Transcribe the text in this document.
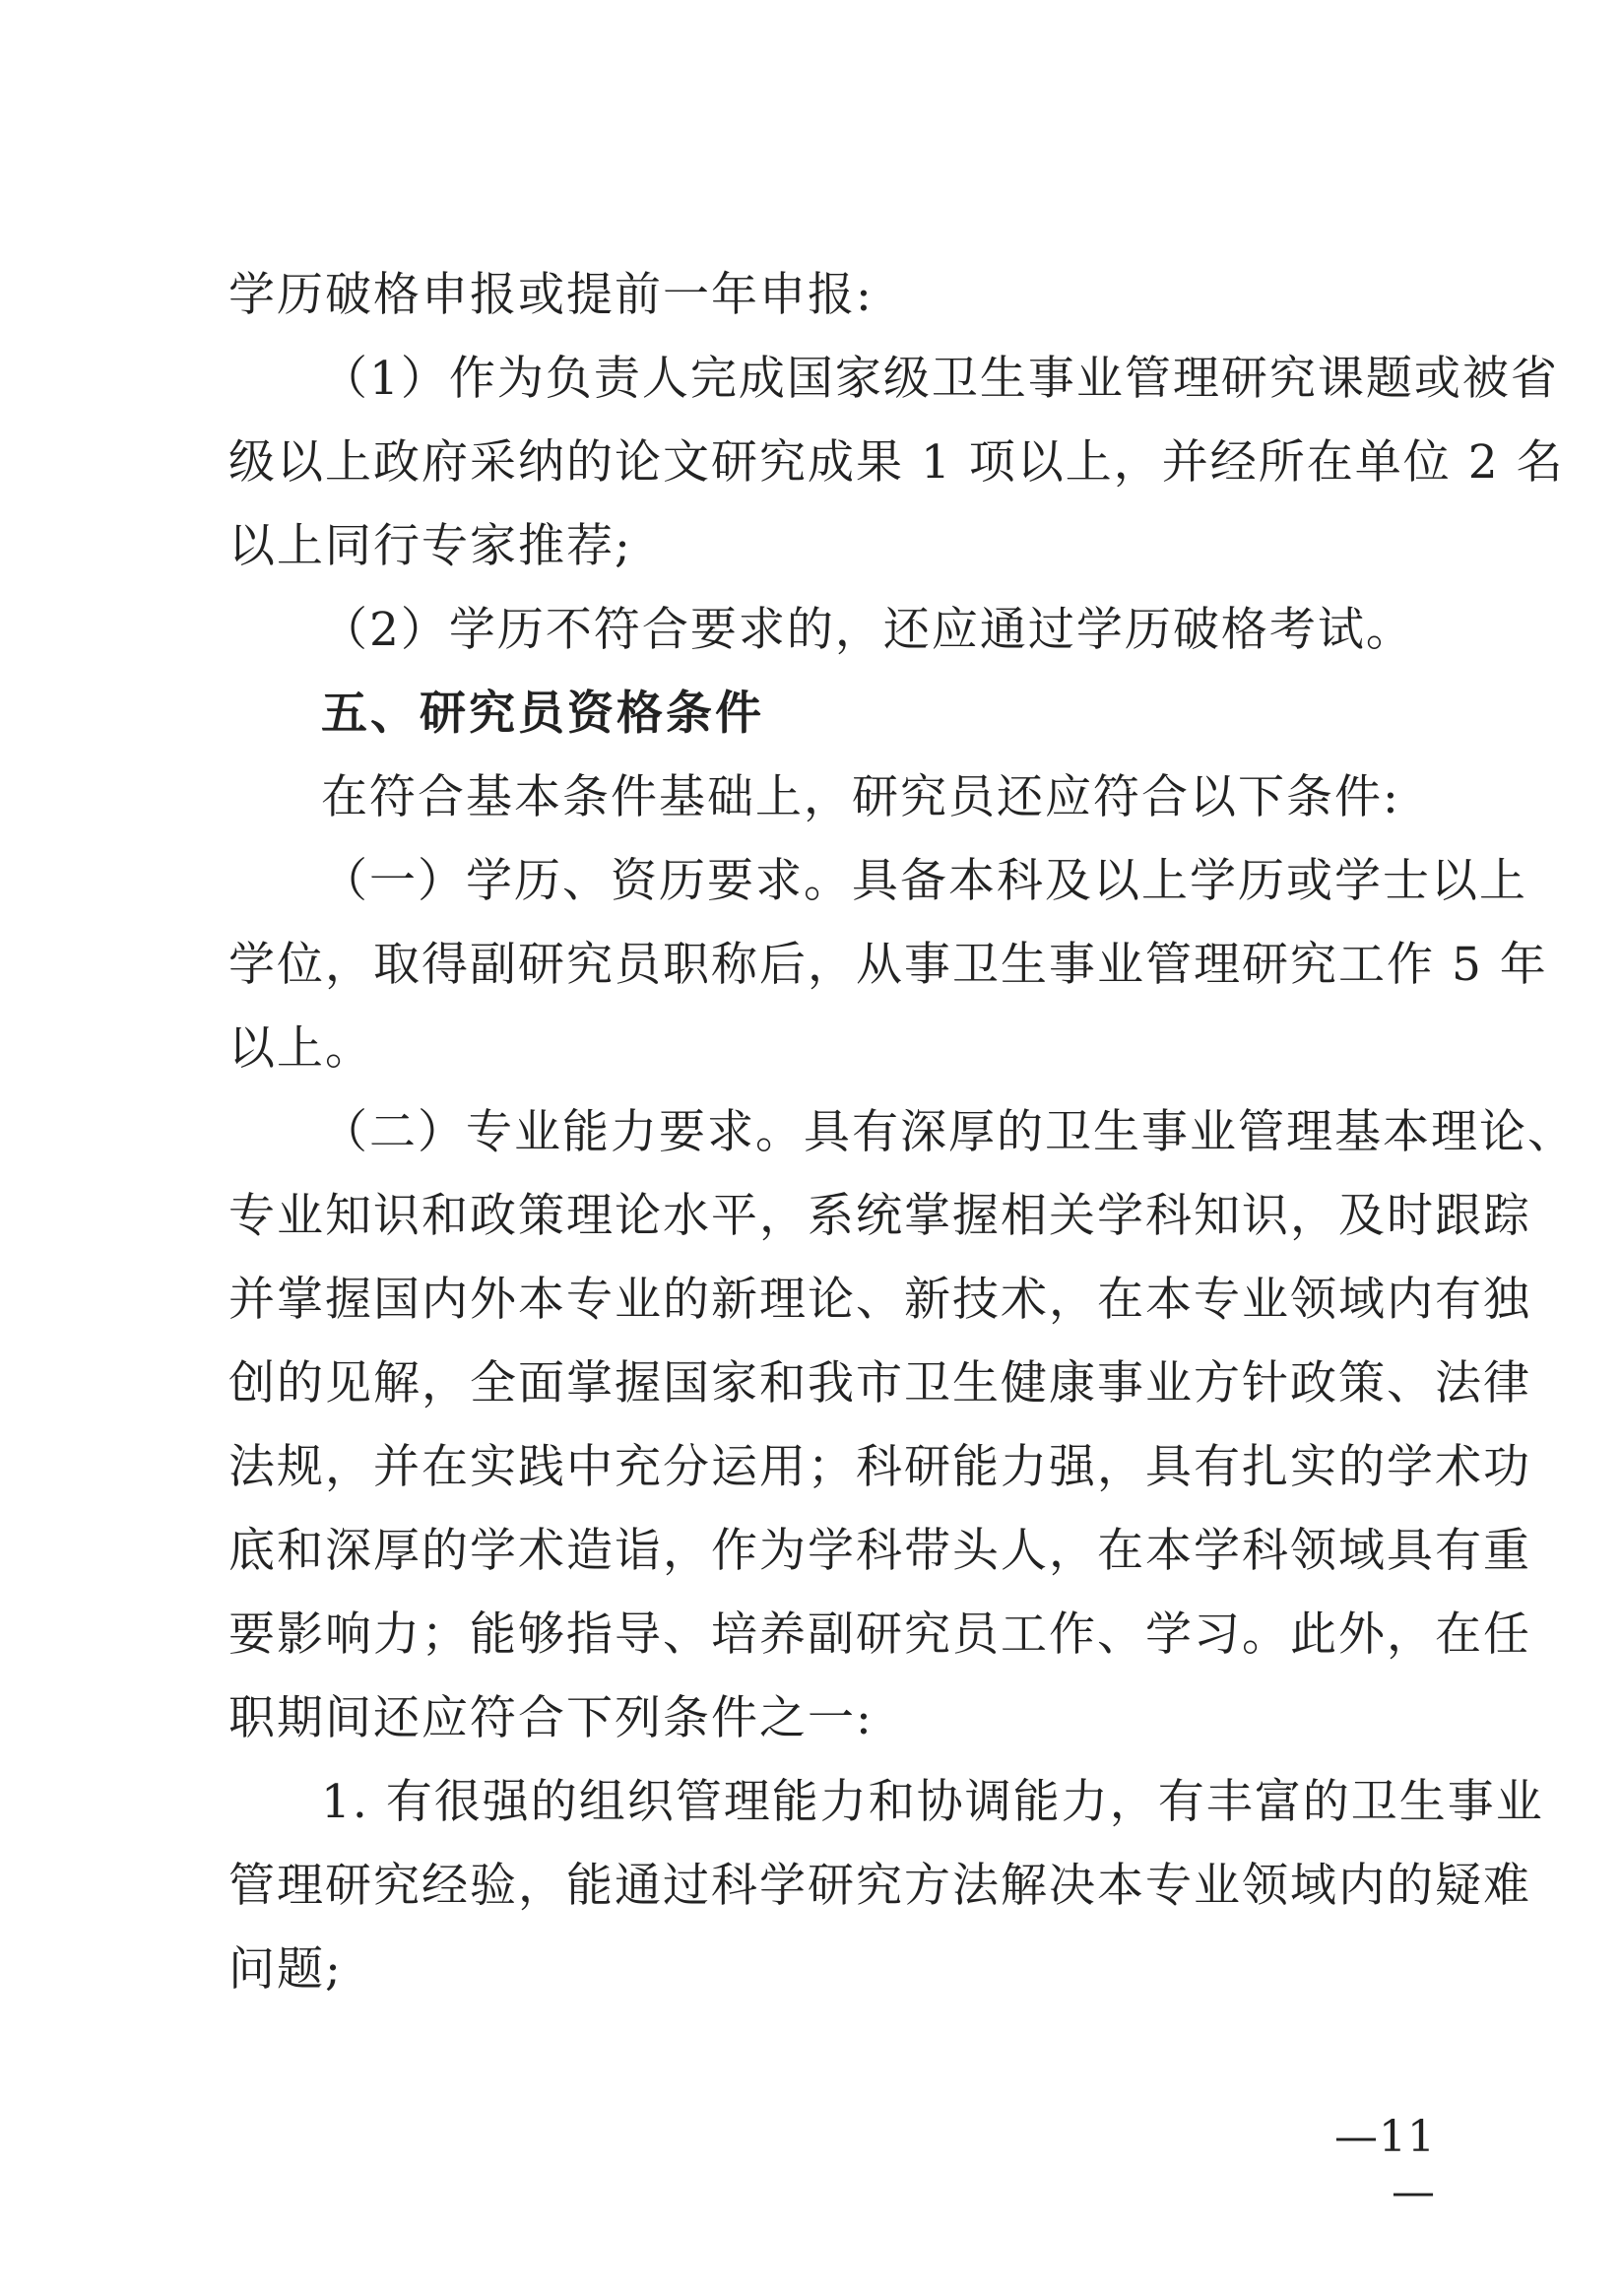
学历破格申报或提前一年申报:
（1）作为负责人完成国家级卫生事业管理研究课题或被省
级以上政府采纳的论文研究成果 1 项以上，并经所在单位 2 名
以上同行专家推荐;
（2）学历不符合要求的，还应通过学历破格考试。
五、研究员资格条件
在符合基本条件基础上，研究员还应符合以下条件:
（一）学历、资历要求。具备本科及以上学历或学士以上
学位，取得副研究员职称后，从事卫生事业管理研究工作 5 年
以上。
（二）专业能力要求。具有深厚的卫生事业管理基本理论、
专业知识和政策理论水平，系统掌握相关学科知识，及时跟踪
并掌握国内外本专业的新理论、新技术，在本专业领域内有独
创的见解，全面掌握国家和我市卫生健康事业方针政策、法律
法规，并在实践中充分运用；科研能力强，具有扎实的学术功
底和深厚的学术造诣，作为学科带头人，在本学科领域具有重
要影响力；能够指导、培养副研究员工作、学习。此外，在任
职期间还应符合下列条件之一:
1. 有很强的组织管理能力和协调能力，有丰富的卫生事业
管理研究经验，能通过科学研究方法解决本专业领域内的疑难
问题;
—11—
